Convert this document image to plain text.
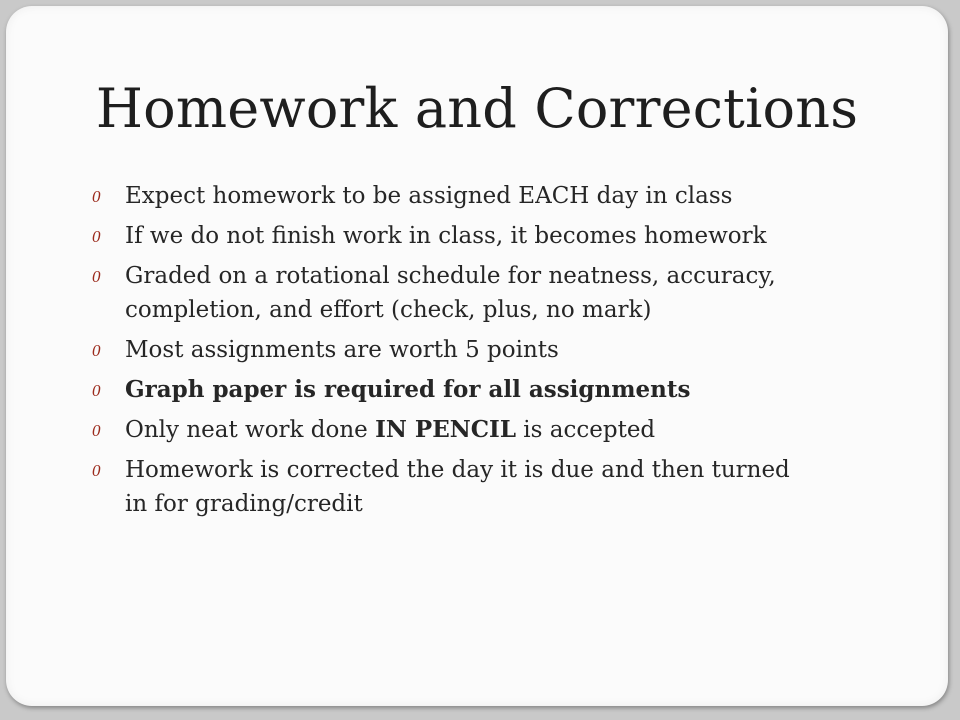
Homework and Corrections
0 Expect homework to be assigned EACH day in class
0 If we do not finish work in class, it becomes homework
0 Graded on a rotational schedule for neatness, accuracy, completion, and effort (check, plus, no mark)
0 Most assignments are worth 5 points
0 Graph paper is required for all assignments
0 Only neat work done IN PENCIL is accepted
0 Homework is corrected the day it is due and then turned in for grading/credit
